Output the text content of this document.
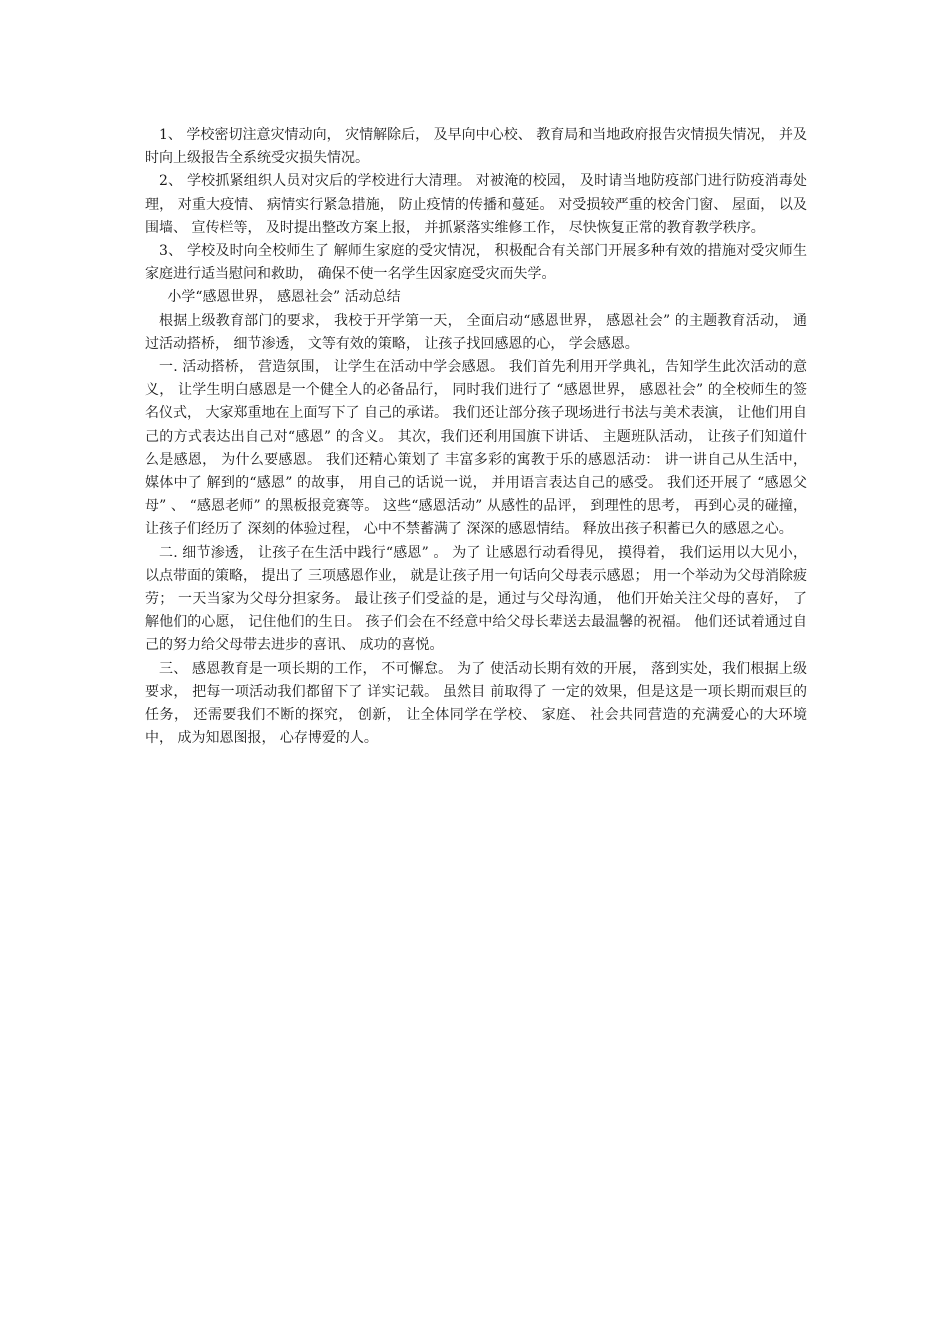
1、 学校密切注意灾情动向， 灾情解除后， 及早向中心校、 教育局和当地政府报告灾情损失情况， 并及时向上级报告全系统受灾损失情况。

2、 学校抓紧组织人员对灾后的学校进行大清理。 对被淹的校园， 及时请当地防疫部门进行防疫消毒处理， 对重大疫情、 病情实行紧急措施， 防止疫情的传播和蔓延。 对受损较严重的校舍门窗、 屋面， 以及围墙、 宣传栏等， 及时提出整改方案上报， 并抓紧落实维修工作， 尽快恢复正常的教育教学秩序。

3、 学校及时向全校师生了 解师生家庭的受灾情况， 积极配合有关部门开展多种有效的措施对受灾师生家庭进行适当慰问和救助， 确保不使一名学生因家庭受灾而失学。

小学“感恩世界， 感恩社会” 活动总结

根据上级教育部门的要求， 我校于开学第一天， 全面启动“感恩世界， 感恩社会” 的主题教育活动， 通过活动搭桥， 细节渗透， 文等有效的策略， 让孩子找回感恩的心， 学会感恩。

一. 活动搭桥， 营造氛围， 让学生在活动中学会感恩。 我们首先利用开学典礼，告知学生此次活动的意义， 让学生明白感恩是一个健全人的必备品行， 同时我们进行了 “感恩世界， 感恩社会” 的全校师生的签名仪式， 大家郑重地在上面写下了 自己的承诺。 我们还让部分孩子现场进行书法与美术表演， 让他们用自己的方式表达出自己对“感恩” 的含义。 其次，我们还利用国旗下讲话、 主题班队活动， 让孩子们知道什么是感恩， 为什么要感恩。 我们还精心策划了 丰富多彩的寓教于乐的感恩活动： 讲一讲自己从生活中， 媒体中了 解到的“感恩” 的故事， 用自己的话说一说， 并用语言表达自己的感受。 我们还开展了 “感恩父母” 、 “感恩老师” 的黑板报竞赛等。 这些“感恩活动” 从感性的品评， 到理性的思考， 再到心灵的碰撞， 让孩子们经历了 深刻的体验过程， 心中不禁蓄满了 深深的感恩情结。 释放出孩子积蓄已久的感恩之心。

二. 细节渗透， 让孩子在生活中践行“感恩” 。 为了 让感恩行动看得见， 摸得着， 我们运用以大见小， 以点带面的策略， 提出了 三项感恩作业， 就是让孩子用一句话向父母表示感恩； 用一个举动为父母消除疲劳； 一天当家为父母分担家务。 最让孩子们受益的是，通过与父母沟通， 他们开始关注父母的喜好， 了 解他们的心愿， 记住他们的生日。 孩子们会在不经意中给父母长辈送去最温馨的祝福。 他们还试着通过自己的努力给父母带去进步的喜讯、 成功的喜悦。

三、 感恩教育是一项长期的工作， 不可懈怠。 为了 使活动长期有效的开展， 落到实处，我们根据上级要求， 把每一项活动我们都留下了 详实记载。 虽然目 前取得了 一定的效果，但是这是一项长期而艰巨的任务， 还需要我们不断的探究， 创新， 让全体同学在学校、 家庭、 社会共同营造的充满爱心的大环境中， 成为知恩图报， 心存博爱的人。
